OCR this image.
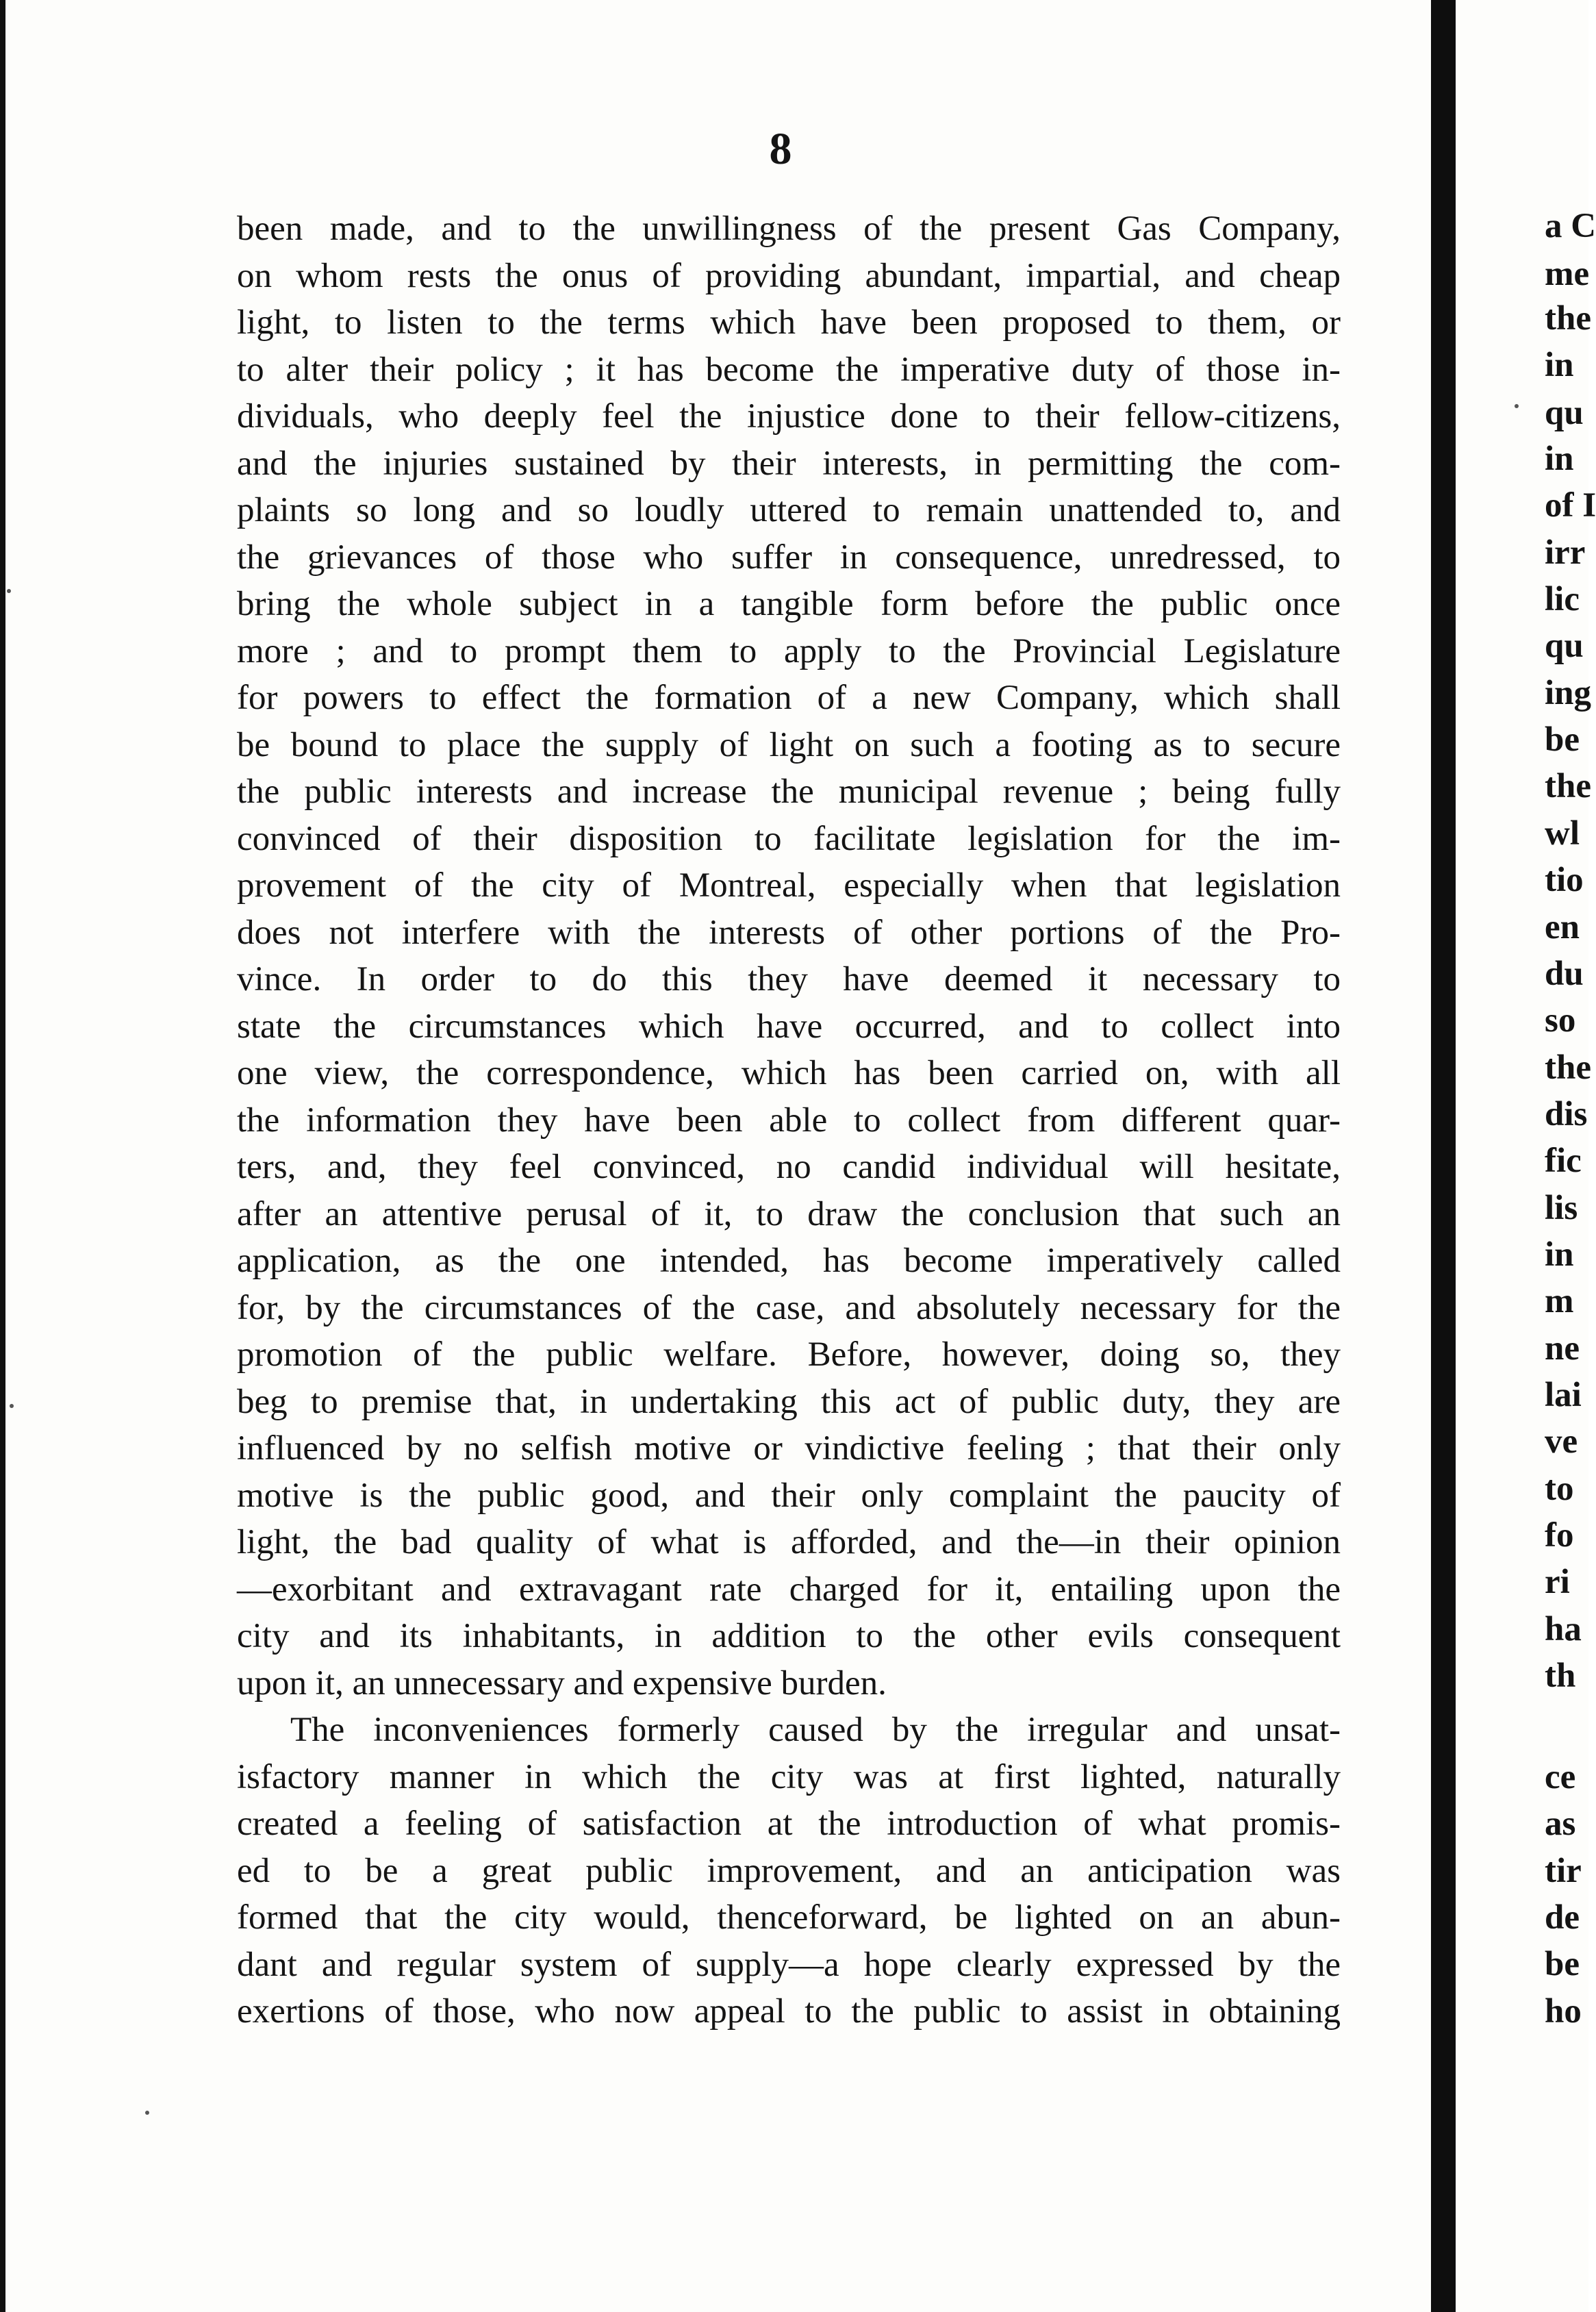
8
been made, and to the unwillingness of the present Gas Company,
on whom rests the onus of providing abundant, impartial, and cheap
light, to listen to the terms which have been proposed to them, or
to alter their policy ; it has become the imperative duty of those in-
dividuals, who deeply feel the injustice done to their fellow-citizens,
and the injuries sustained by their interests, in permitting the com-
plaints so long and so loudly uttered to remain unattended to, and
the grievances of those who suffer in consequence, unredressed, to
bring the whole subject in a tangible form before the public once
more ; and to prompt them to apply to the Provincial Legislature
for powers to effect the formation of a new Company, which shall
be bound to place the supply of light on such a footing as to secure
the public interests and increase the municipal revenue ; being fully
convinced of their disposition to facilitate legislation for the im-
provement of the city of Montreal, especially when that legislation
does not interfere with the interests of other portions of the Pro-
vince. In order to do this they have deemed it necessary to
state the circumstances which have occurred, and to collect into
one view, the correspondence, which has been carried on, with all
the information they have been able to collect from different quar-
ters, and, they feel convinced, no candid individual will hesitate,
after an attentive perusal of it, to draw the conclusion that such an
application, as the one intended, has become imperatively called
for, by the circumstances of the case, and absolutely necessary for the
promotion of the public welfare. Before, however, doing so, they
beg to premise that, in undertaking this act of public duty, they are
influenced by no selfish motive or vindictive feeling ; that their only
motive is the public good, and their only complaint the paucity of
light, the bad quality of what is afforded, and the—in their opinion
—exorbitant and extravagant rate charged for it, entailing upon the
city and its inhabitants, in addition to the other evils consequent
upon it, an unnecessary and expensive burden.
The inconveniences formerly caused by the irregular and unsat-
isfactory manner in which the city was at first lighted, naturally
created a feeling of satisfaction at the introduction of what promis-
ed to be a great public improvement, and an anticipation was
formed that the city would, thenceforward, be lighted on an abun-
dant and regular system of supply—a hope clearly expressed by the
exertions of those, who now appeal to the public to assist in obtaining
a C
me
the
in
qu
in
of I
irr
lic
qu
ing
be
the
wl
tio
en
du
so
the
dis
fic
lis
in
m
ne
lai
ve
to
fo
ri
ha
th
ce
as
tir
de
be
ho
